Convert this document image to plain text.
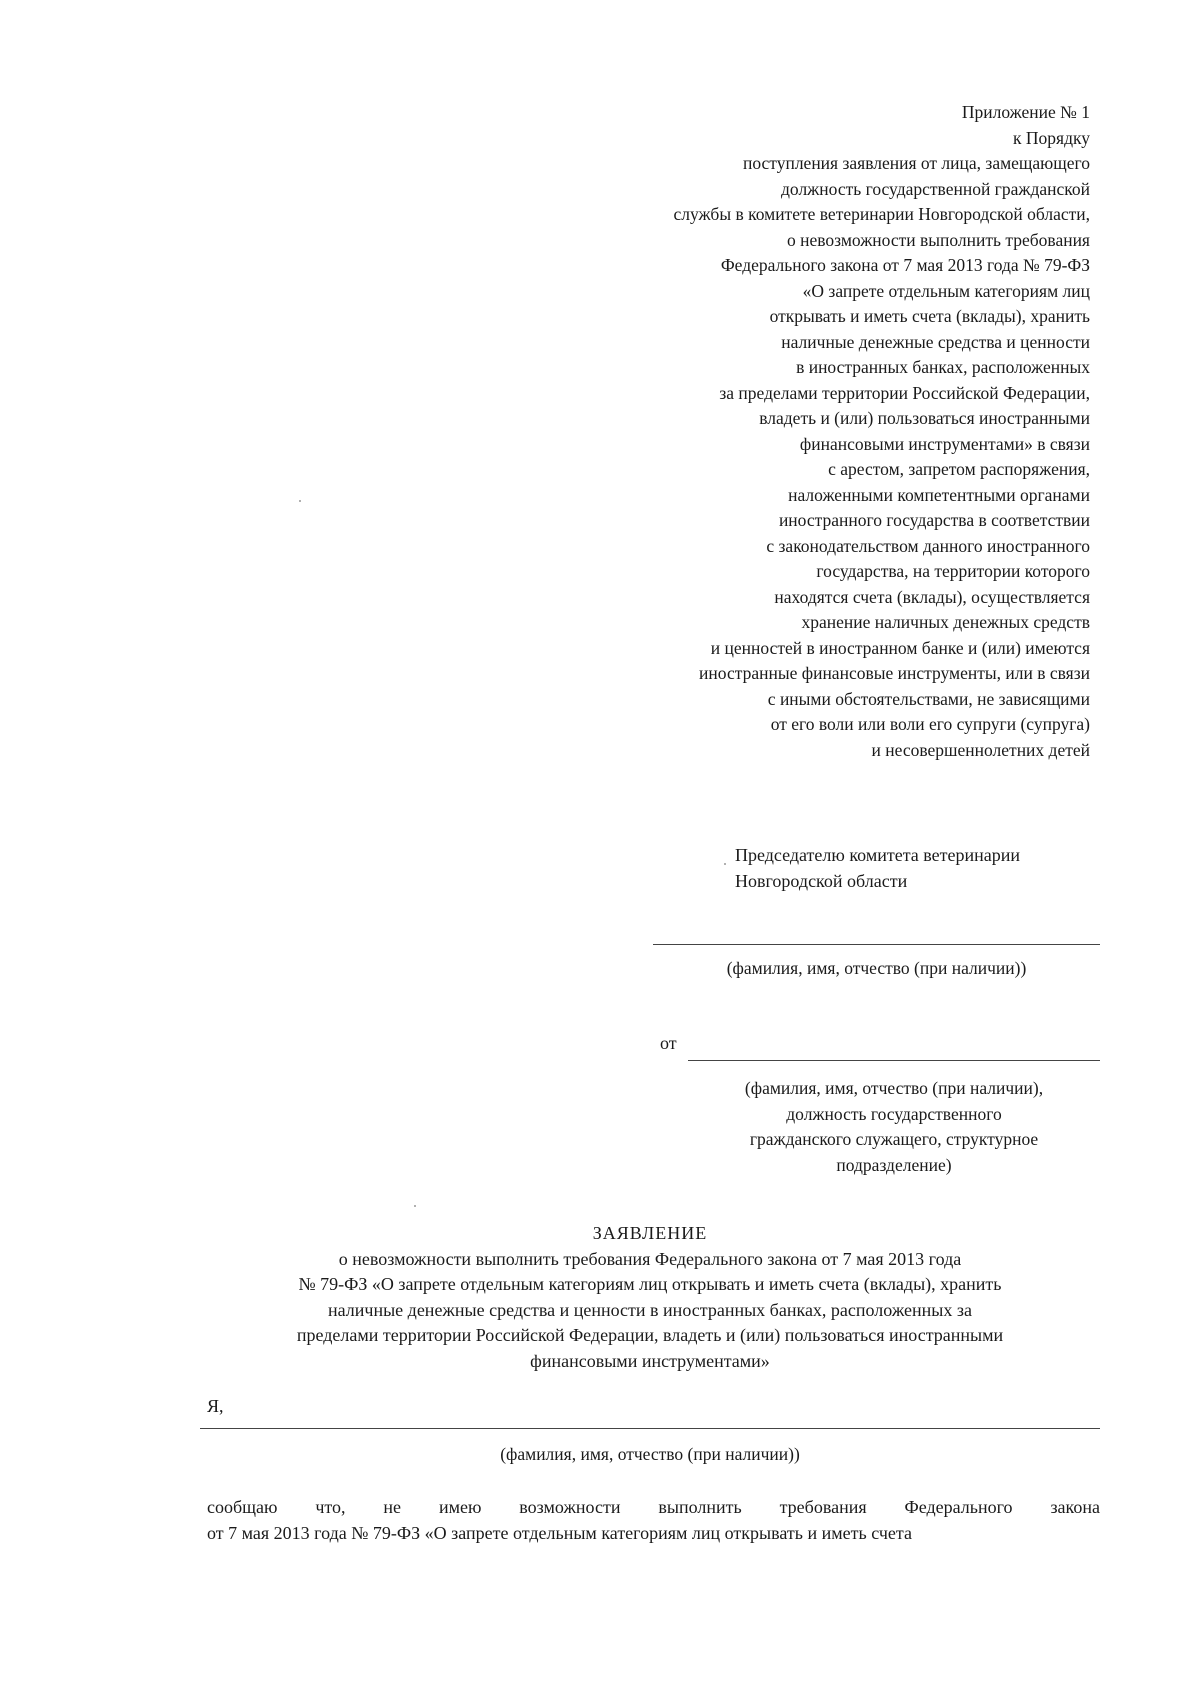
Приложение № 1
к Порядку
поступления заявления от лица, замещающего
должность государственной гражданской
службы в комитете ветеринарии Новгородской области,
о невозможности выполнить требования
Федерального закона от 7 мая 2013 года № 79-ФЗ
«О запрете отдельным категориям лиц
открывать и иметь счета (вклады), хранить
наличные денежные средства и ценности
в иностранных банках, расположенных
за пределами территории Российской Федерации,
владеть и (или) пользоваться иностранными
финансовыми инструментами» в связи
с арестом, запретом распоряжения,
наложенными компетентными органами
иностранного государства в соответствии
с законодательством данного иностранного
государства, на территории которого
находятся счета (вклады), осуществляется
хранение наличных денежных средств
и ценностей в иностранном банке и (или) имеются
иностранные финансовые инструменты, или в связи
с иными обстоятельствами, не зависящими
от его воли или воли его супруги (супруга)
и несовершеннолетних детей
Председателю комитета ветеринарии
Новгородской области
(фамилия, имя, отчество (при наличии))
от
(фамилия, имя, отчество (при наличии),
должность государственного
гражданского служащего, структурное
подразделение)
ЗАЯВЛЕНИЕ
о невозможности выполнить требования Федерального закона от 7 мая 2013 года
№ 79-ФЗ «О запрете отдельным категориям лиц открывать и иметь счета (вклады), хранить
наличные денежные средства и ценности в иностранных банках, расположенных за
пределами территории Российской Федерации, владеть и (или) пользоваться иностранными
финансовыми инструментами»
Я,
(фамилия, имя, отчество (при наличии))
сообщаю что, не имею возможности выполнить требования Федерального закона
от 7 мая 2013 года № 79-ФЗ «О запрете отдельным категориям лиц открывать и иметь счета
